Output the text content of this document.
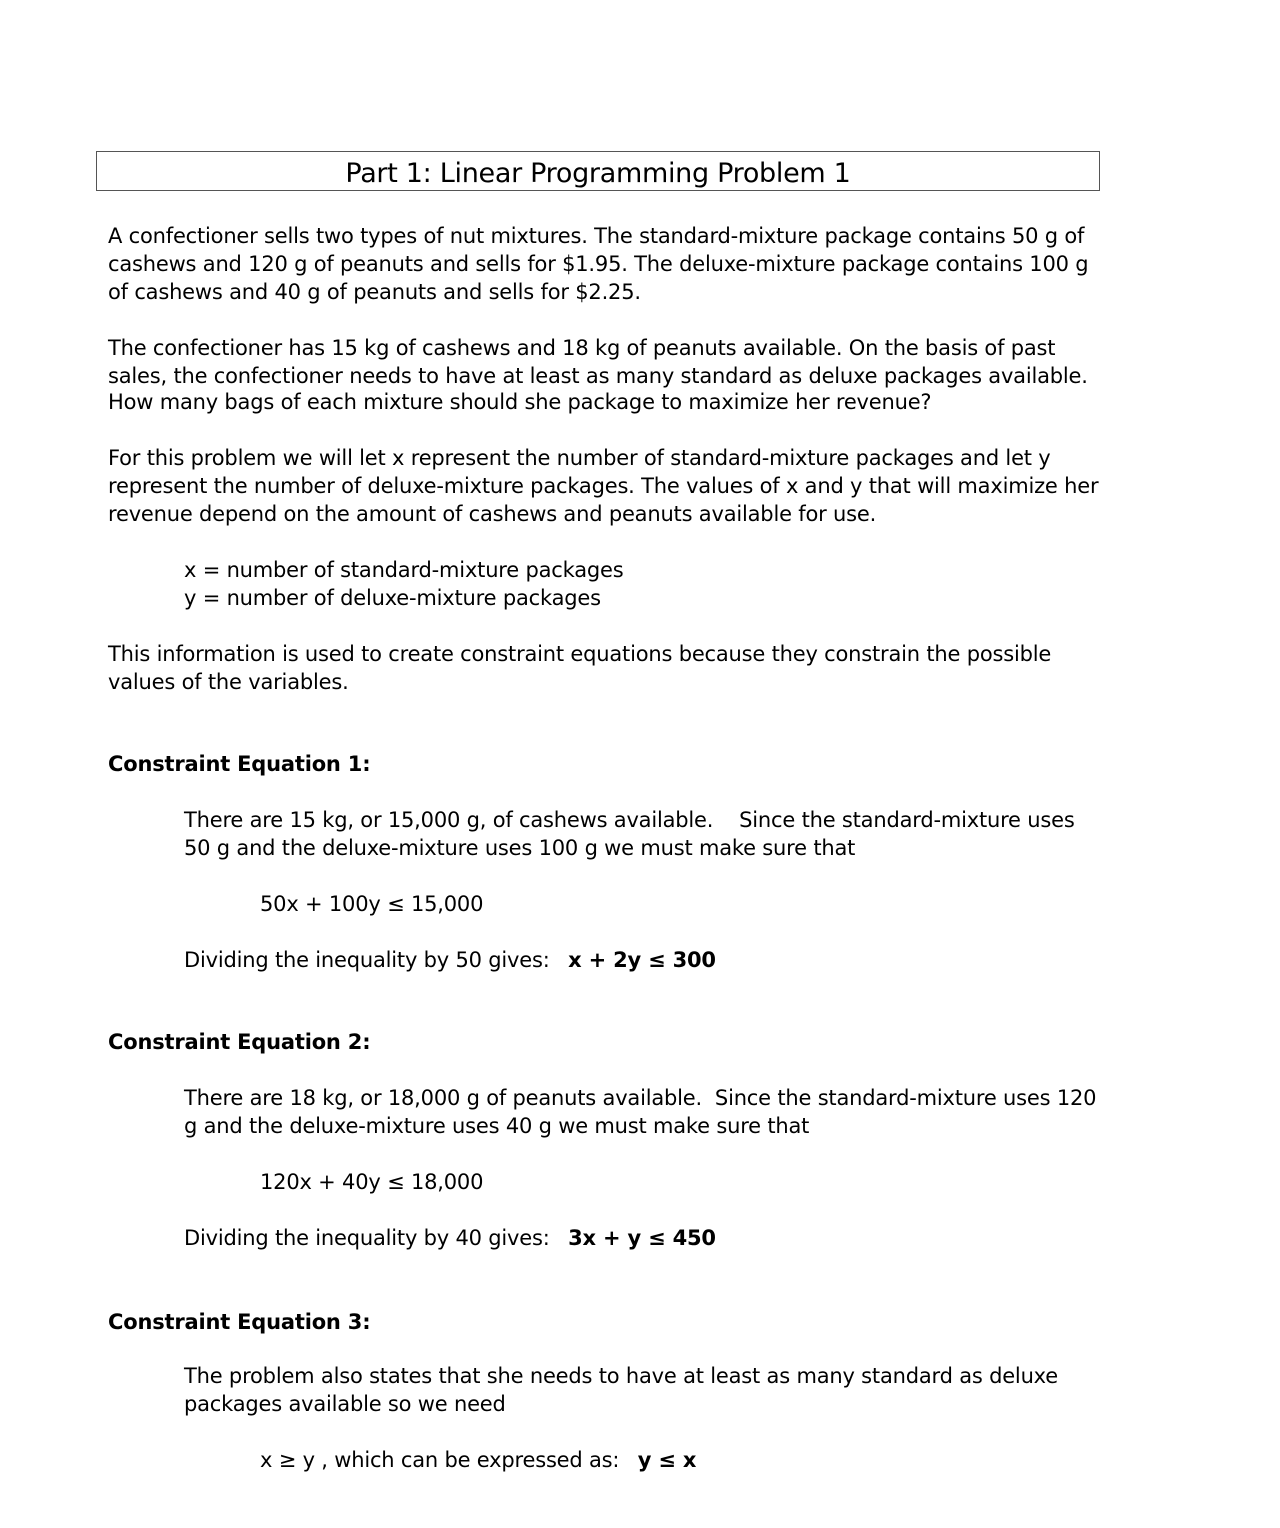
Part 1: Linear Programming Problem 1
A confectioner sells two types of nut mixtures. The standard-mixture package contains 50 g of
cashews and 120 g of peanuts and sells for $1.95. The deluxe-mixture package contains 100 g
of cashews and 40 g of peanuts and sells for $2.25.
The confectioner has 15 kg of cashews and 18 kg of peanuts available. On the basis of past
sales, the confectioner needs to have at least as many standard as deluxe packages available.
How many bags of each mixture should she package to maximize her revenue?
For this problem we will let x represent the number of standard-mixture packages and let y
represent the number of deluxe-mixture packages. The values of x and y that will maximize her
revenue depend on the amount of cashews and peanuts available for use.
x = number of standard-mixture packages
y = number of deluxe-mixture packages
This information is used to create constraint equations because they constrain the possible
values of the variables.
Constraint Equation 1:
There are 15 kg, or 15,000 g, of cashews available.    Since the standard-mixture uses
50 g and the deluxe-mixture uses 100 g we must make sure that
50x + 100y ≤ 15,000
Dividing the inequality by 50 gives: x + 2y ≤ 300
Constraint Equation 2:
There are 18 kg, or 18,000 g of peanuts available.  Since the standard-mixture uses 120
g and the deluxe-mixture uses 40 g we must make sure that
120x + 40y ≤ 18,000
Dividing the inequality by 40 gives: 3x + y ≤ 450
Constraint Equation 3:
The problem also states that she needs to have at least as many standard as deluxe
packages available so we need
x ≥ y , which can be expressed as: y ≤ x
